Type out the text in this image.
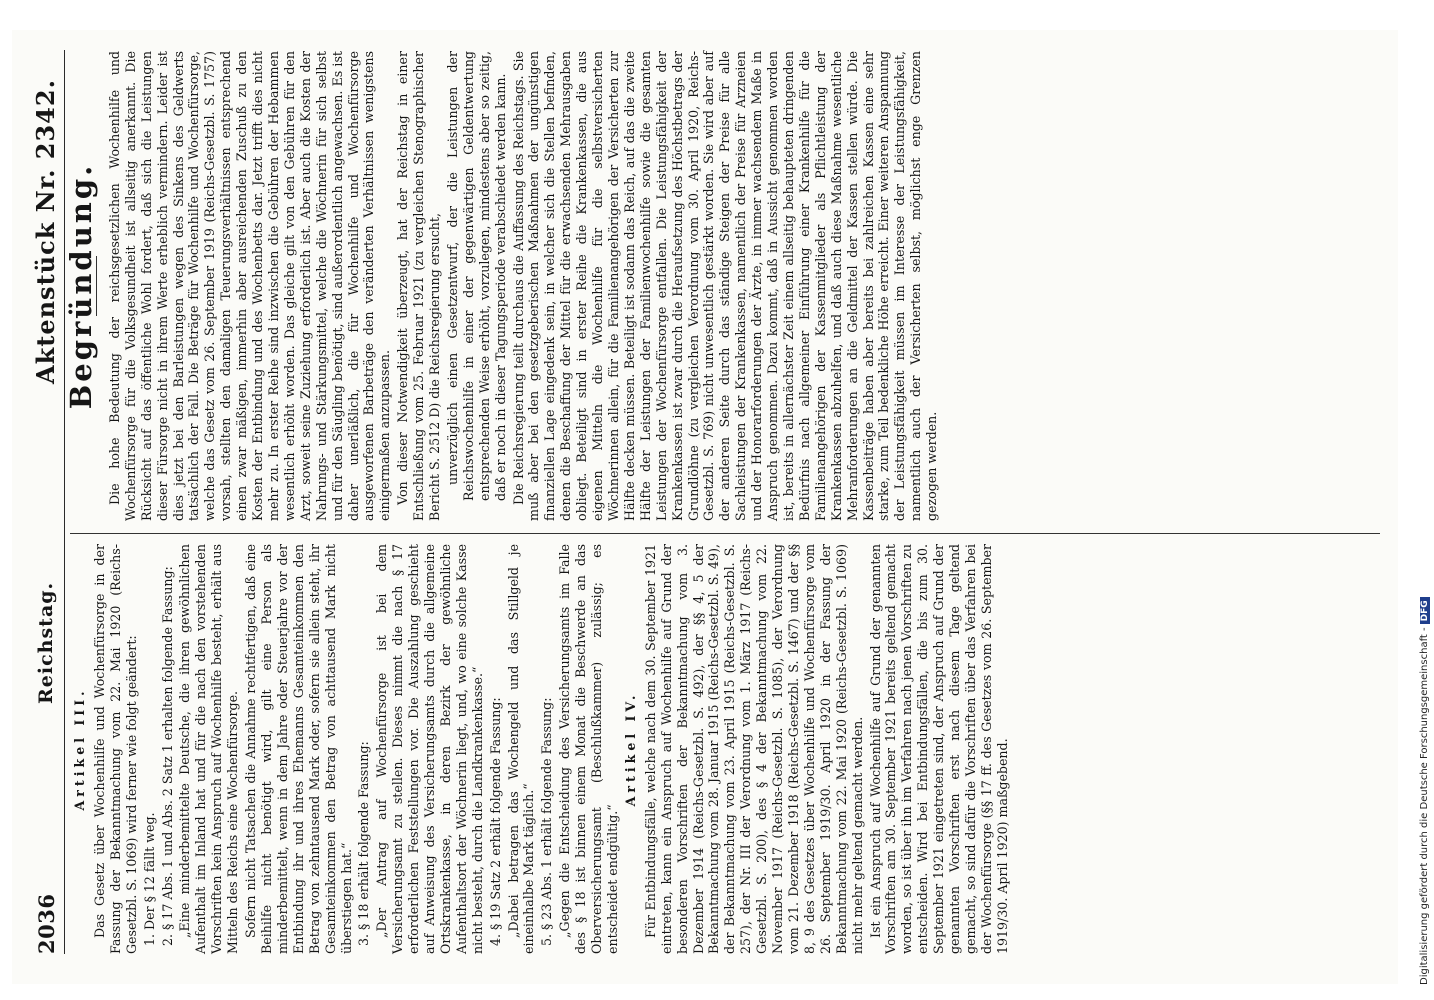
2036
Reichstag.
Aktenstück Nr. 2342.
Artikel III. Das Gesetz über Wochenhilfe und Wochenfürsorge in der Fassung der Bekanntmachung vom 22. Mai 1920 (Reichs-Gesetzbl. S. 1069) wird ferner wie folgt geändert: 1. Der § 12 fällt weg. 2. § 17 Abs. 1 und Abs. 2 Satz 1 erhalten folgende Fassung: „Eine minderbemittelte Deutsche, die ihren gewöhnlichen Aufenthalt im Inland hat und für die nach den vorstehenden Vorschriften kein Anspruch auf Wochenhilfe besteht, erhält aus Mitteln des Reichs eine Wochenfürsorge. Sofern nicht Tatsachen die Annahme rechtfertigen, daß eine Beihilfe nicht benötigt wird, gilt eine Person als minderbemittelt, wenn in dem Jahre oder Steuerjahre vor der Entbindung ihr und ihres Ehemanns Gesamteinkommen den Betrag von zehntausend Mark oder, sofern sie allein steht, ihr Gesamteinkommen den Betrag von achttausend Mark nicht überstiegen hat.“ 3. § 18 erhält folgende Fassung: „Der Antrag auf Wochenfürsorge ist bei dem Versicherungsamt zu stellen. Dieses nimmt die nach § 17 erforderlichen Feststellungen vor. Die Auszahlung geschieht auf Anweisung des Versicherungsamts durch die allgemeine Ortskrankenkasse, in deren Bezirk der gewöhnliche Aufenthaltsort der Wöchnerin liegt, und, wo eine solche Kasse nicht besteht, durch die Landkrankenkasse.“ 4. § 19 Satz 2 erhält folgende Fassung: „Dabei betragen das Wochengeld und das Stillgeld je eineinhalbe Mark täglich.“ 5. § 23 Abs. 1 erhält folgende Fassung: „Gegen die Entscheidung des Versicherungsamts im Falle des § 18 ist binnen einem Monat die Beschwerde an das Oberversicherungsamt (Beschlußkammer) zulässig; es entscheidet endgültig.“

Artikel IV. Für Entbindungsfälle, welche nach dem 30. September 1921 eintreten, kann ein Anspruch auf Wochenhilfe auf Grund der besonderen Vorschriften der Bekanntmachung vom 3. Dezember 1914 (Reichs-Gesetzbl. S. 492), der §§ 4, 5 der Bekanntmachung vom 28. Januar 1915 (Reichs-Gesetzbl. S. 49), der Bekanntmachung vom 23. April 1915 (Reichs-Gesetzbl. S. 257), der Nr. III der Verordnung vom 1. März 1917 (Reichs-Gesetzbl. S. 200), des § 4 der Bekanntmachung vom 22. November 1917 (Reichs-Gesetzbl. S. 1085), der Verordnung vom 21. Dezember 1918 (Reichs-Gesetzbl. S. 1467) und der §§ 8, 9 des Gesetzes über Wochenhilfe und Wochenfürsorge vom 26. September 1919/30. April 1920 in der Fassung der Bekanntmachung vom 22. Mai 1920 (Reichs-Gesetzbl. S. 1069) nicht mehr geltend gemacht werden. Ist ein Anspruch auf Wochenhilfe auf Grund der genannten Vorschriften am 30. September 1921 bereits geltend gemacht worden, so ist über ihn im Verfahren nach jenen Vorschriften zu entscheiden. Wird bei Entbindungsfällen, die bis zum 30. September 1921 eingetreten sind, der Anspruch auf Grund der genannten Vorschriften erst nach diesem Tage geltend gemacht, so sind dafür die Vorschriften über das Verfahren bei der Wochenfürsorge (§§ 17 ff. des Gesetzes vom 26. September 1919/30. April 1920) maßgebend.

Begründung. Die hohe Bedeutung der reichsgesetzlichen Wochenhilfe und Wochenfürsorge für die Volksgesundheit ist allseitig anerkannt. Die Rücksicht auf das öffentliche Wohl fordert, daß sich die Leistungen dieser Fürsorge nicht in ihrem Werte erheblich vermindern. Leider ist dies jetzt bei den Barleistungen wegen des Sinkens des Geldwerts tatsächlich der Fall. Die Beträge für Wochenhilfe und Wochenfürsorge, welche das Gesetz vom 26. September 1919 (Reichs-Gesetzbl. S. 1757) vorsah, stellten den damaligen Teuerungsverhältnissen entsprechend einen zwar mäßigen, immerhin aber ausreichenden Zuschuß zu den Kosten der Entbindung und des Wochenbetts dar. Jetzt trifft dies nicht mehr zu. In erster Reihe sind inzwischen die Gebühren der Hebammen wesentlich erhöht worden. Das gleiche gilt von den Gebühren für den Arzt, soweit seine Zuziehung erforderlich ist. Aber auch die Kosten der Nahrungs- und Stärkungsmittel, welche die Wöchnerin für sich selbst und für den Säugling benötigt, sind außerordentlich angewachsen. Es ist daher unerläßlich, die für Wochenhilfe und Wochenfürsorge ausgeworfenen Barbeträge den veränderten Verhältnissen wenigstens einigermaßen anzupassen. Von dieser Notwendigkeit überzeugt, hat der Reichstag in einer Entschließung vom 25. Februar 1921 (zu vergleichen Stenographischer Bericht S. 2512 D) die Reichsregierung ersucht, unverzüglich einen Gesetzentwurf, der die Leistungen der Reichswochenhilfe in einer der gegenwärtigen Geldentwertung entsprechenden Weise erhöht, vorzulegen, mindestens aber so zeitig, daß er noch in dieser Tagungsperiode verabschiedet werden kann. Die Reichsregierung teilt durchaus die Auffassung des Reichstags. Sie muß aber bei den gesetzgeberischen Maßnahmen der ungünstigen finanziellen Lage eingedenk sein, in welcher sich die Stellen befinden, denen die Beschaffung der Mittel für die erwachsenden Mehrausgaben obliegt. Beteiligt sind in erster Reihe die Krankenkassen, die aus eigenen Mitteln die Wochenhilfe für die selbstversicherten Wöchnerinnen allein, für die Familienangehörigen der Versicherten zur Hälfte decken müssen. Beteiligt ist sodann das Reich, auf das die zweite Hälfte der Leistungen der Familienwochenhilfe sowie die gesamten Leistungen der Wochenfürsorge entfallen. Die Leistungsfähigkeit der Krankenkassen ist zwar durch die Heraufsetzung des Höchstbetrags der Grundlöhne (zu vergleichen Verordnung vom 30. April 1920, Reichs-Gesetzbl. S. 769) nicht unwesentlich gestärkt worden. Sie wird aber auf der anderen Seite durch das ständige Steigen der Preise für alle Sachleistungen der Krankenkassen, namentlich der Preise für Arzneien und der Honorarforderungen der Ärzte, in immer wachsendem Maße in Anspruch genommen. Dazu kommt, daß in Aussicht genommen worden ist, bereits in allernächster Zeit einem allseitig behaupteten dringenden Bedürfnis nach allgemeiner Einführung einer Krankenhilfe für die Familienangehörigen der Kassenmitglieder als Pflichtleistung der Krankenkassen abzuhelfen, und daß auch diese Maßnahme wesentliche Mehranforderungen an die Geldmittel der Kassen stellen würde. Die Kassenbeiträge haben aber bereits bei zahlreichen Kassen eine sehr starke, zum Teil bedenkliche Höhe erreicht. Einer weiteren Anspannung der Leistungsfähigkeit müssen im Interesse der Leistungsfähigkeit, namentlich auch der Versicherten selbst, möglichst enge Grenzen gezogen werden.

Digitalisierung gefördert durch die Deutsche Forschungsgemeinschaft -DFG
